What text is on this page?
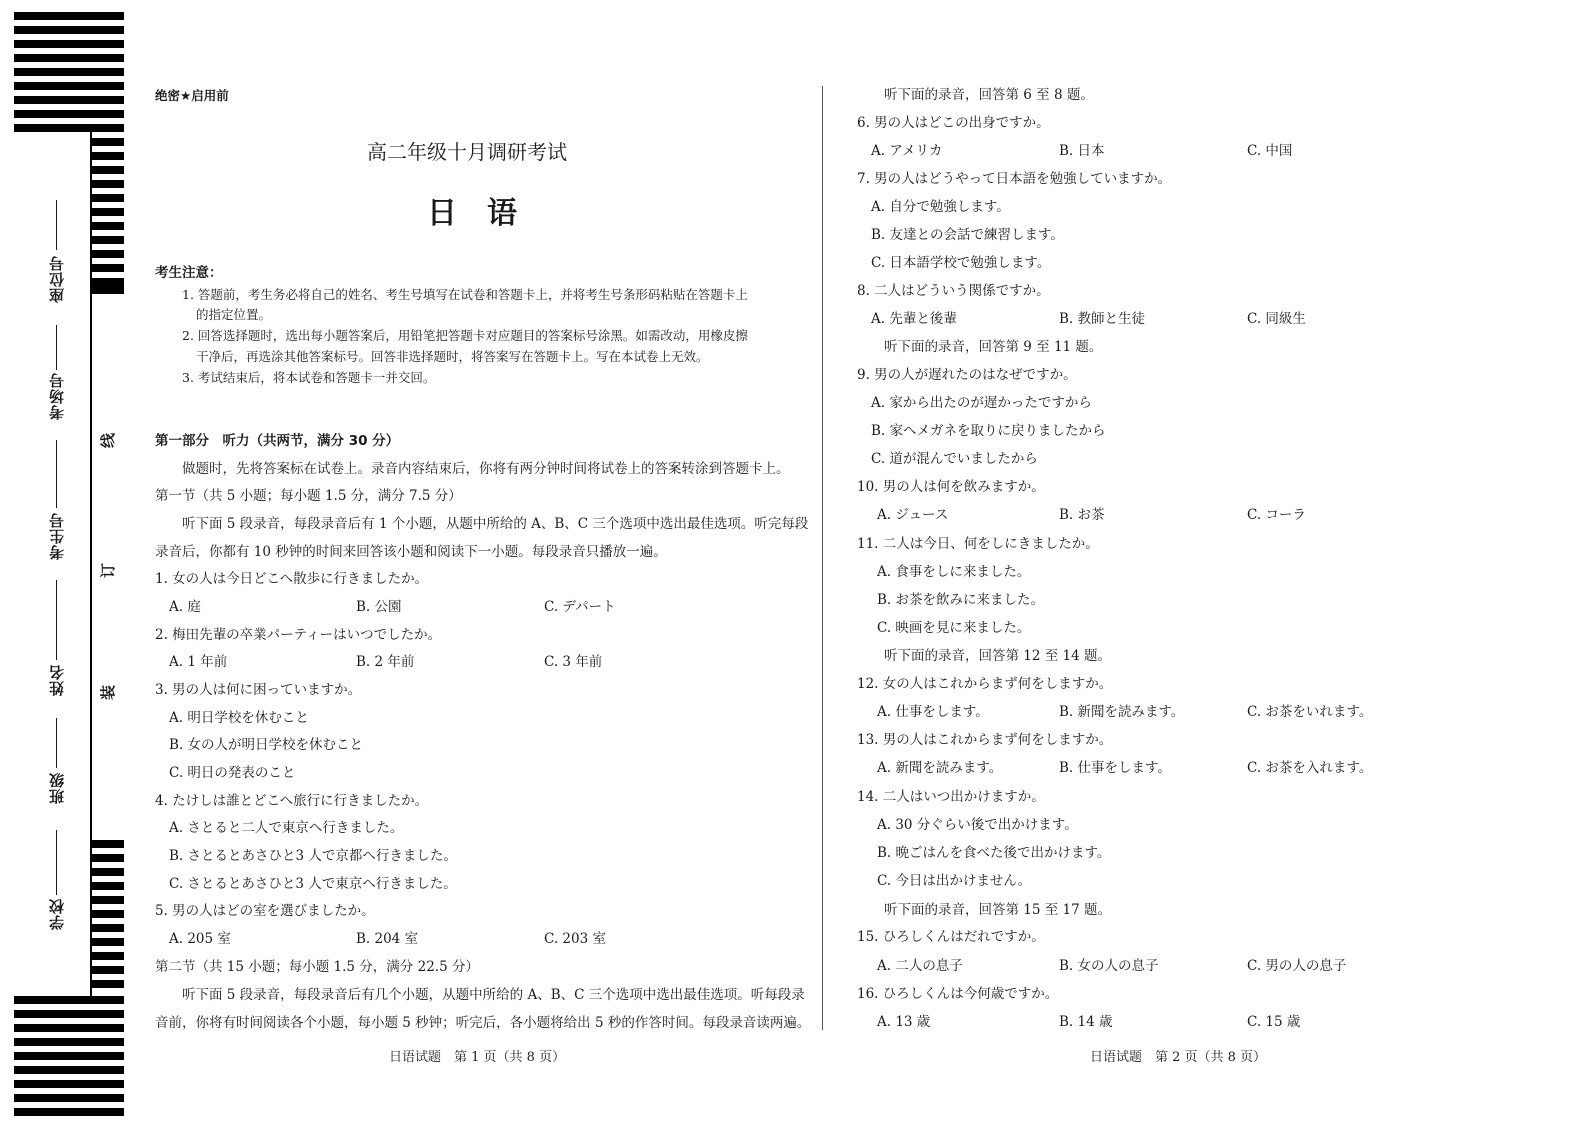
座位号
考场号
考生号
姓名
班级
学校
线
订
装
绝密★启用前
高二年级十月调研考试
日语
考生注意：
1. 答题前，考生务必将自己的姓名、考生号填写在试卷和答题卡上，并将考生号条形码粘贴在答题卡上
的指定位置。
2. 回答选择题时，选出每小题答案后，用铅笔把答题卡对应题目的答案标号涂黑。如需改动，用橡皮擦
干净后，再选涂其他答案标号。回答非选择题时，将答案写在答题卡上。写在本试卷上无效。
3. 考试结束后，将本试卷和答题卡一并交回。
第一部分　听力（共两节，满分 30 分）
做题时，先将答案标在试卷上。录音内容结束后，你将有两分钟时间将试卷上的答案转涂到答题卡上。
第一节（共 5 小题；每小题 1.5 分，满分 7.5 分）
听下面 5 段录音，每段录音后有 1 个小题，从题中所给的 A、B、C 三个选项中选出最佳选项。听完每段
录音后，你都有 10 秒钟的时间来回答该小题和阅读下一小题。每段录音只播放一遍。
1. 女の人は今日どこへ散歩に行きましたか。
A. 庭	B. 公園	C. デパート
2. 梅田先輩の卒業パーティーはいつでしたか。
A. 1 年前	B. 2 年前	C. 3 年前
3. 男の人は何に困っていますか。
A. 明日学校を休むこと
B. 女の人が明日学校を休むこと
C. 明日の発表のこと
4. たけしは誰とどこへ旅行に行きましたか。
A. さとると二人で東京へ行きました。
B. さとるとあさひと3 人で京都へ行きました。
C. さとるとあさひと3 人で東京へ行きました。
5. 男の人はどの室を選びましたか。
A. 205 室	B. 204 室	C. 203 室
第二节（共 15 小题；每小题 1.5 分，满分 22.5 分）
听下面 5 段录音，每段录音后有几个小题，从题中所给的 A、B、C 三个选项中选出最佳选项。听每段录
音前，你将有时间阅读各个小题，每小题 5 秒钟；听完后，各小题将给出 5 秒的作答时间。每段录音读两遍。
日语试题　第 1 页（共 8 页）
听下面的录音，回答第 6 至 8 题。
6. 男の人はどこの出身ですか。
A. アメリカ	B. 日本	C. 中国
7. 男の人はどうやって日本語を勉強していますか。
A. 自分で勉強します。
B. 友達との会話で練習します。
C. 日本語学校で勉強します。
8. 二人はどういう関係ですか。
A. 先輩と後輩	B. 教師と生徒	C. 同級生
听下面的录音，回答第 9 至 11 题。
9. 男の人が遅れたのはなぜですか。
A. 家から出たのが遅かったですから
B. 家へメガネを取りに戻りましたから
C. 道が混んでいましたから
10. 男の人は何を飲みますか。
A. ジュース	B. お茶	C. コーラ
11. 二人は今日、何をしにきましたか。
A. 食事をしに来ました。
B. お茶を飲みに来ました。
C. 映画を見に来ました。
听下面的录音，回答第 12 至 14 题。
12. 女の人はこれからまず何をしますか。
A. 仕事をします。	B. 新聞を読みます。	C. お茶をいれます。
13. 男の人はこれからまず何をしますか。
A. 新聞を読みます。	B. 仕事をします。	C. お茶を入れます。
14. 二人はいつ出かけますか。
A. 30 分ぐらい後で出かけます。
B. 晩ごはんを食べた後で出かけます。
C. 今日は出かけません。
听下面的录音，回答第 15 至 17 题。
15. ひろしくんはだれですか。
A. 二人の息子	B. 女の人の息子	C. 男の人の息子
16. ひろしくんは今何歳ですか。
A. 13 歳	B. 14 歳	C. 15 歳
日语试题　第 2 页（共 8 页）
